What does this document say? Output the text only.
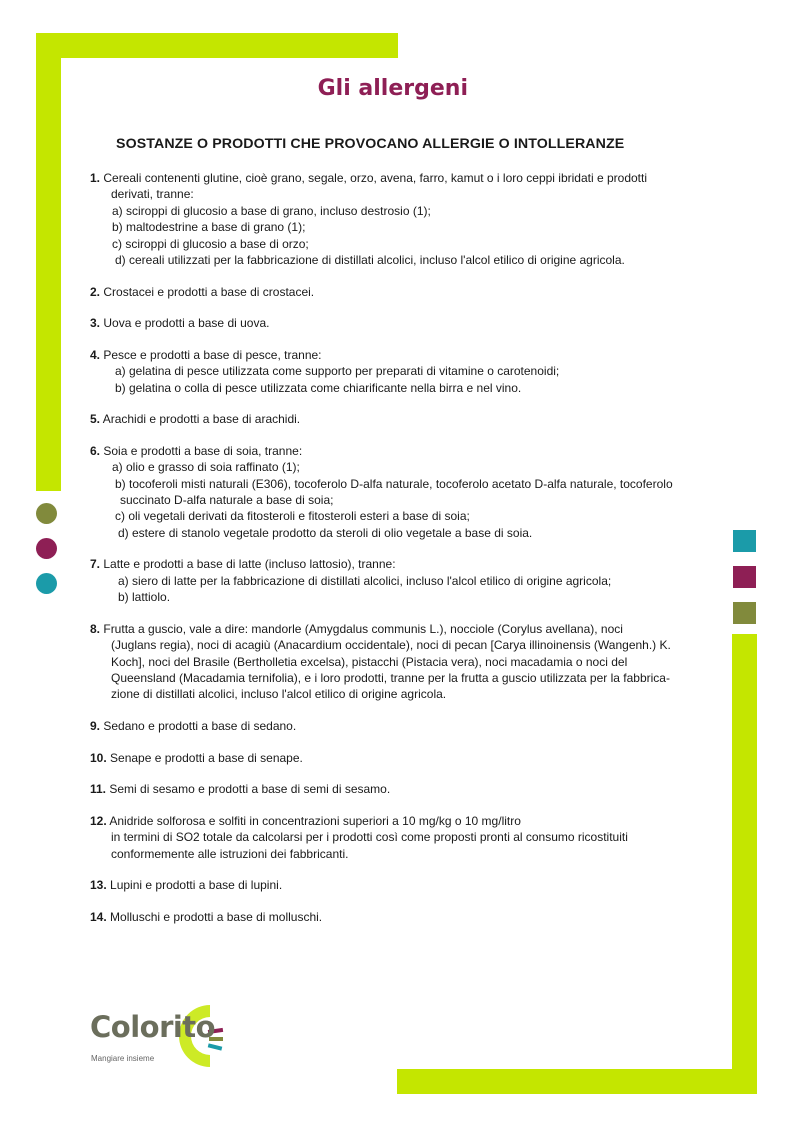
Gli allergeni
SOSTANZE O PRODOTTI CHE PROVOCANO ALLERGIE O INTOLLERANZE

1. Cereali contenenti glutine, cioè grano, segale, orzo, avena, farro, kamut o i loro ceppi ibridati e prodotti

derivati, tranne:

a) sciroppi di glucosio a base di grano, incluso destrosio (1);

b) maltodestrine a base di grano (1);

c) sciroppi di glucosio a base di orzo;

d) cereali utilizzati per la fabbricazione di distillati alcolici, incluso l'alcol etilico di origine agricola.

2. Crostacei e prodotti a base di crostacei.

3. Uova e prodotti a base di uova.

4. Pesce e prodotti a base di pesce, tranne:

a) gelatina di pesce utilizzata come supporto per preparati di vitamine o carotenoidi;

b) gelatina o colla di pesce utilizzata come chiarificante nella birra e nel vino.

5. Arachidi e prodotti a base di arachidi.

6. Soia e prodotti a base di soia, tranne:

a) olio e grasso di soia raffinato (1);

b) tocoferoli misti naturali (E306), tocoferolo D-alfa naturale, tocoferolo acetato D-alfa naturale, tocoferolo

succinato D-alfa naturale a base di soia;

c) oli vegetali derivati da fitosteroli e fitosteroli esteri a base di soia;

d) estere di stanolo vegetale prodotto da steroli di olio vegetale a base di soia.

7. Latte e prodotti a base di latte (incluso lattosio), tranne:

a) siero di latte per la fabbricazione di distillati alcolici, incluso l'alcol etilico di origine agricola;

b) lattiolo.

8. Frutta a guscio, vale a dire: mandorle (Amygdalus communis L.), nocciole (Corylus avellana), noci

(Juglans regia), noci di acagiù (Anacardium occidentale), noci di pecan [Carya illinoinensis (Wangenh.) K.

Koch], noci del Brasile (Bertholletia excelsa), pistacchi (Pistacia vera), noci macadamia o noci del

Queensland (Macadamia ternifolia), e i loro prodotti, tranne per la frutta a guscio utilizzata per la fabbrica-

zione di distillati alcolici, incluso l'alcol etilico di origine agricola.

9. Sedano e prodotti a base di sedano.

10. Senape e prodotti a base di senape.

11. Semi di sesamo e prodotti a base di semi di sesamo.

12. Anidride solforosa e solfiti in concentrazioni superiori a 10 mg/kg o 10 mg/litro

in termini di SO2 totale da calcolarsi per i prodotti così come proposti pronti al consumo ricostituiti

conformemente alle istruzioni dei fabbricanti.

13. Lupini e prodotti a base di lupini.

14. Molluschi e prodotti a base di molluschi.

Colorito
Mangiare insieme
